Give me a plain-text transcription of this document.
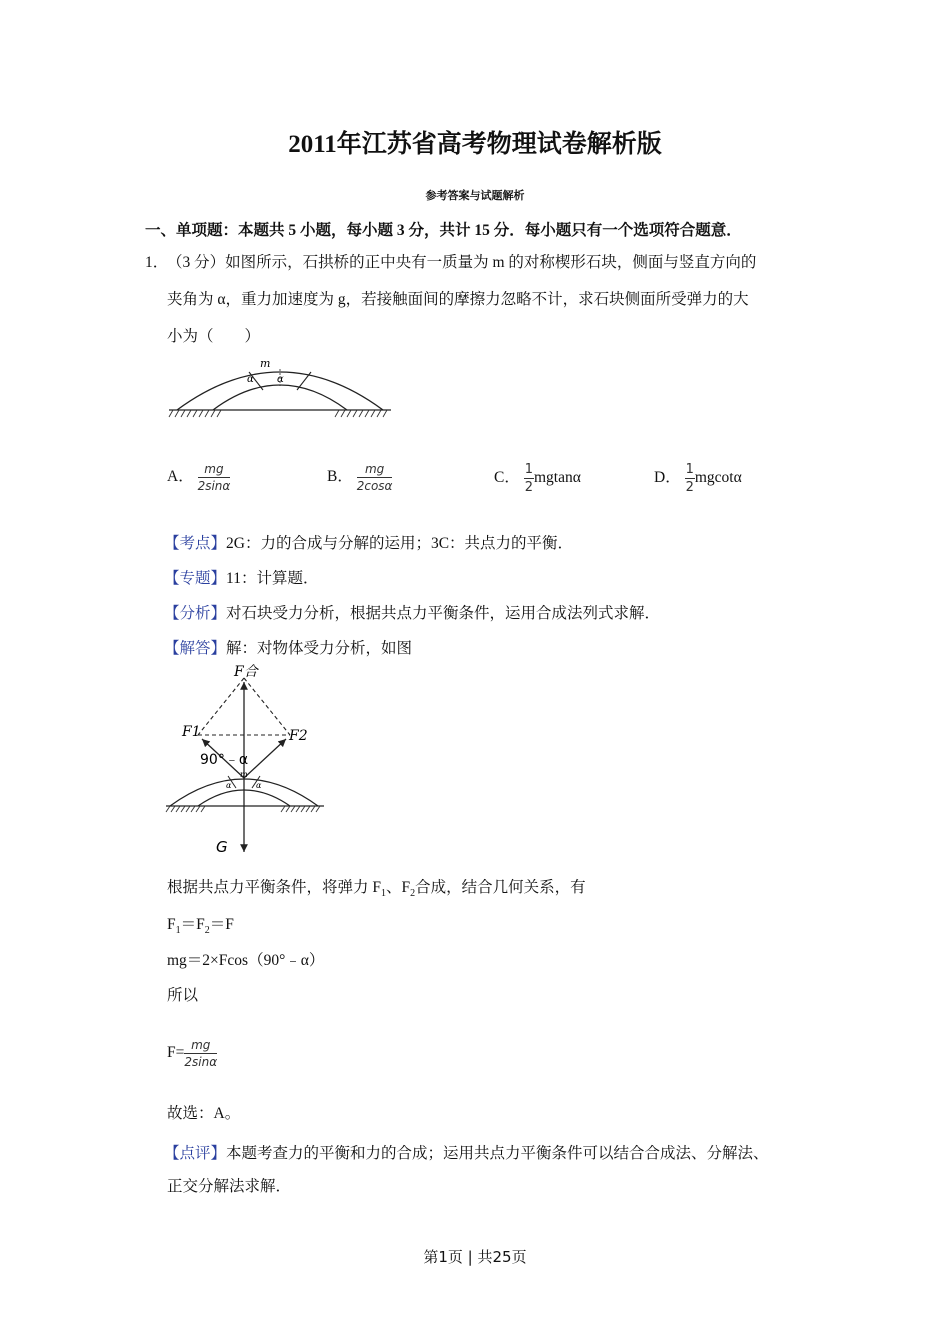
2011年江苏省高考物理试卷解析版
参考答案与试题解析
一、单项题：本题共 5 小题，每小题 3 分，共计 15 分．每小题只有一个选项符合题意．
1．
（3 分）如图所示，石拱桥的正中央有一质量为 m 的对称楔形石块，侧面与竖直方向的
夹角为 α，重力加速度为 g，若接触面间的摩擦力忽略不计，求石块侧面所受弹力的大
小为（　　）
m
α α
A． $\frac{mg}{2\sin\alpha}$	B． $\frac{mg}{2\cos\alpha}$	C． $\frac{1}{2}$ mgtanα	D． $\frac{1}{2}$ mgcotα
【考点】2G：力的合成与分解的运用；3C：共点力的平衡．
【专题】11：计算题．
【分析】对石块受力分析，根据共点力平衡条件，运用合成法列式求解．
【解答】解：对物体受力分析，如图
F合
F1	F2
90°﹣α
m
α	α
G
根据共点力平衡条件，将弹力 $F_1$、$F_2$合成，结合几何关系，有
$F_1=F_2=F$
mg＝2×Fcos（90°﹣α）
所以
$F= \frac{mg}{2\sin\alpha}$
故选：A。
【点评】本题考查力的平衡和力的合成；运用共点力平衡条件可以结合合成法、分解法、
正交分解法求解．
第1页 | 共25页
